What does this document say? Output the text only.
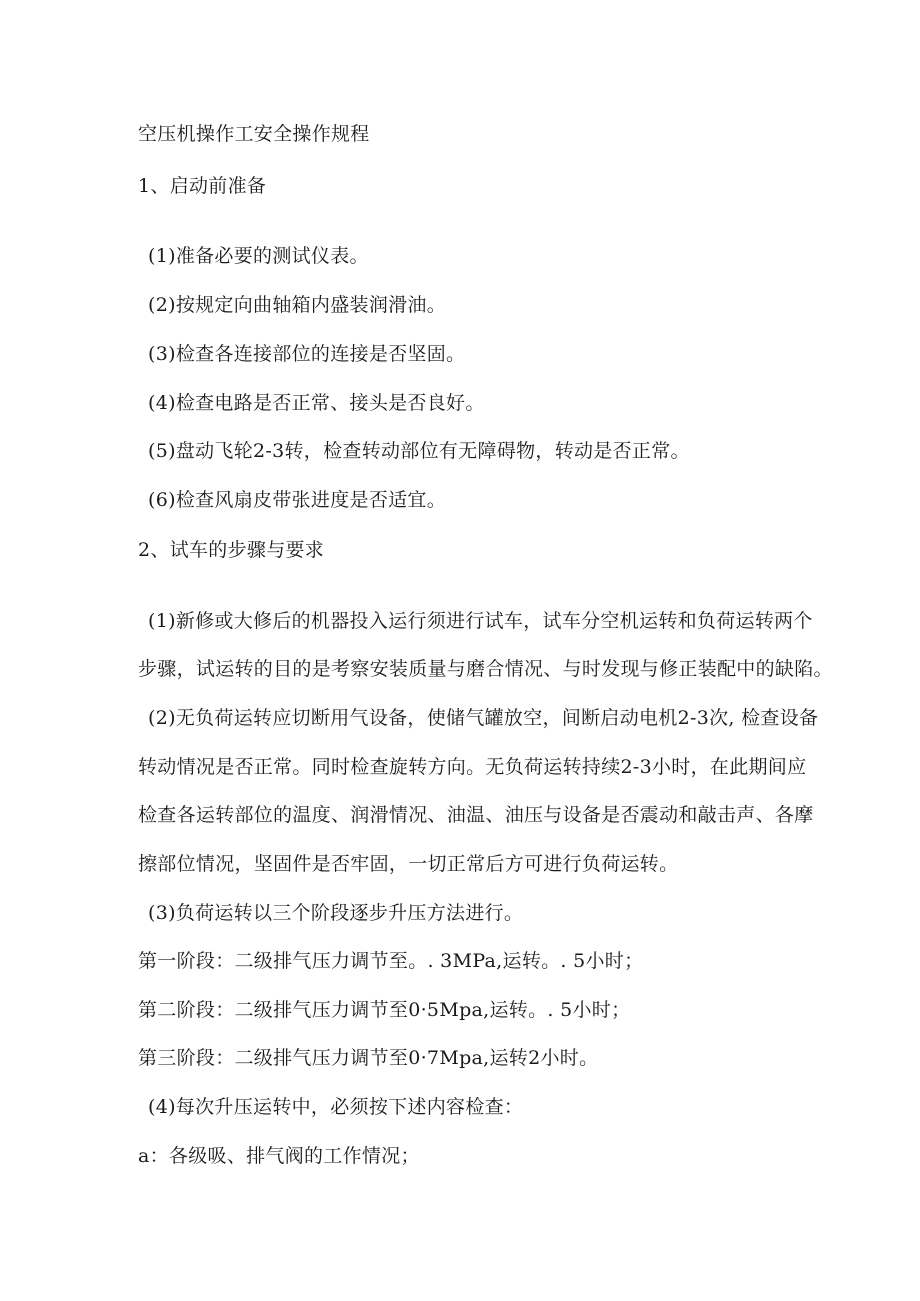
空压机操作工安全操作规程

1、启动前准备

(1)准备必要的测试仪表。

(2)按规定向曲轴箱内盛装润滑油。

(3)检查各连接部位的连接是否坚固。

(4)检查电路是否正常、接头是否良好。

(5)盘动飞轮2-3转，检查转动部位有无障碍物，转动是否正常。

(6)检查风扇皮带张进度是否适宜。

2、试车的步骤与要求

(1)新修或大修后的机器投入运行须进行试车，试车分空机运转和负荷运转两个

步骤，试运转的目的是考察安装质量与磨合情况、与时发现与修正装配中的缺陷。

(2)无负荷运转应切断用气设备，使储气罐放空，间断启动电机2-3次, 检查设备

转动情况是否正常。同时检查旋转方向。无负荷运转持续2-3小时，在此期间应

检查各运转部位的温度、润滑情况、油温、油压与设备是否震动和敲击声、各摩

擦部位情况，坚固件是否牢固，一切正常后方可进行负荷运转。

(3)负荷运转以三个阶段逐步升压方法进行。

第一阶段：二级排气压力调节至。. 3MPa,运转。. 5小时；

第二阶段：二级排气压力调节至0·5Mpa,运转。. 5小时；

第三阶段：二级排气压力调节至0·7Mpa,运转2小时。

(4)每次升压运转中，必须按下述内容检查：

a：各级吸、排气阀的工作情况；
